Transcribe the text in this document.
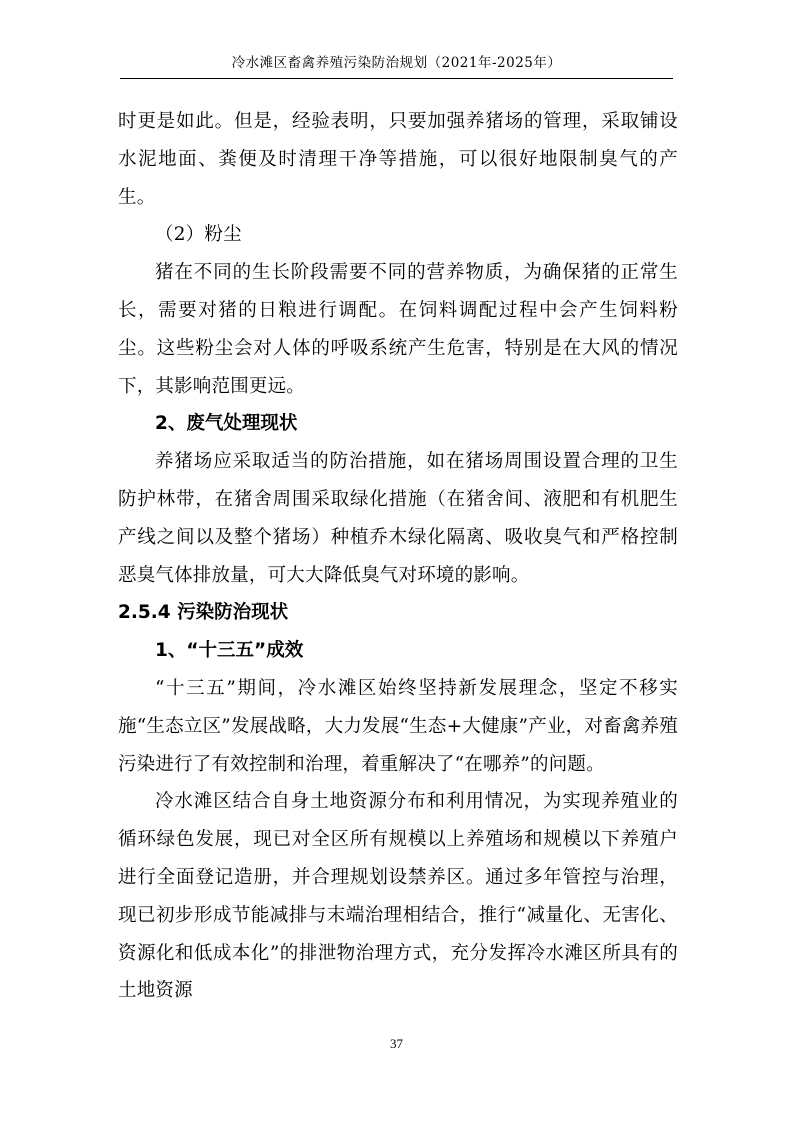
冷水滩区畜禽养殖污染防治规划（2021年-2025年）

时更是如此。但是，经验表明，只要加强养猪场的管理，采取铺设水泥地面、粪便及时清理干净等措施，可以很好地限制臭气的产生。

（2）粉尘

猪在不同的生长阶段需要不同的营养物质，为确保猪的正常生长，需要对猪的日粮进行调配。在饲料调配过程中会产生饲料粉尘。这些粉尘会对人体的呼吸系统产生危害，特别是在大风的情况下，其影响范围更远。

2、废气处理现状

养猪场应采取适当的防治措施，如在猪场周围设置合理的卫生防护林带，在猪舍周围采取绿化措施（在猪舍间、液肥和有机肥生产线之间以及整个猪场）种植乔木绿化隔离、吸收臭气和严格控制恶臭气体排放量，可大大降低臭气对环境的影响。

2.5.4 污染防治现状

1、“十三五”成效

“十三五”期间，冷水滩区始终坚持新发展理念，坚定不移实施“生态立区”发展战略，大力发展“生态+大健康”产业，对畜禽养殖污染进行了有效控制和治理，着重解决了“在哪养”的问题。

冷水滩区结合自身土地资源分布和利用情况，为实现养殖业的循环绿色发展，现已对全区所有规模以上养殖场和规模以下养殖户进行全面登记造册，并合理规划设禁养区。通过多年管控与治理，现已初步形成节能减排与末端治理相结合，推行“减量化、无害化、资源化和低成本化”的排泄物治理方式，充分发挥冷水滩区所具有的土地资源

37
